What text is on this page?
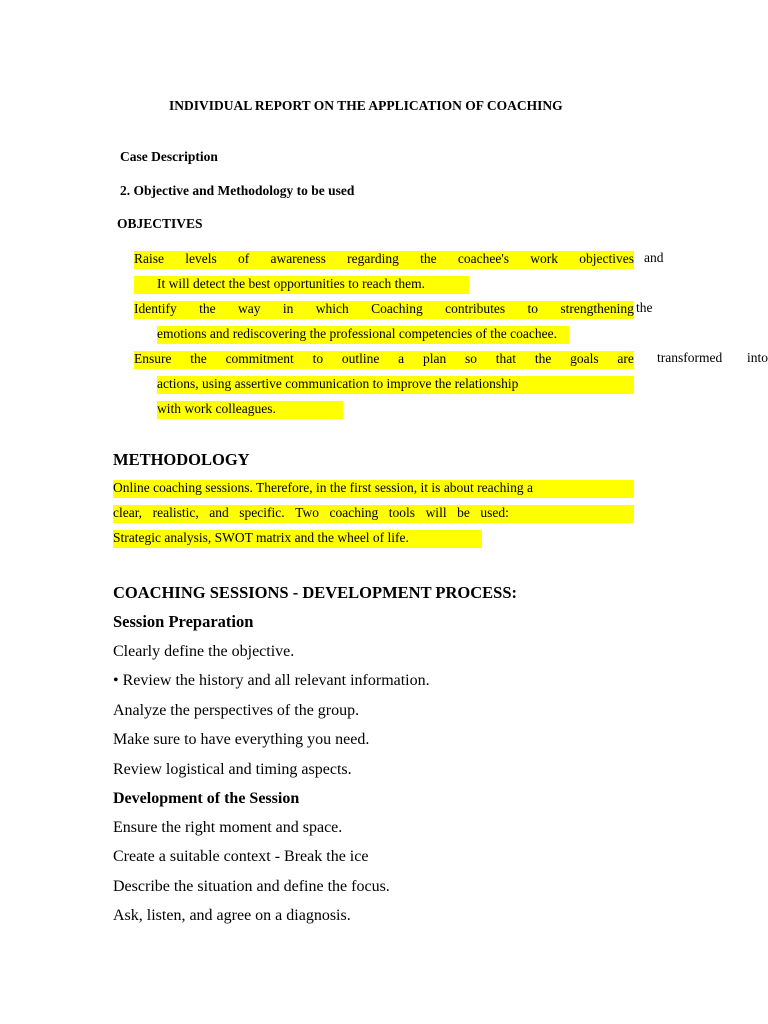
INDIVIDUAL REPORT ON THE APPLICATION OF COACHING
Case Description
2. Objective and Methodology to be used
OBJECTIVES
Raise levels of awareness regarding the coachee's work objectives and
It will detect the best opportunities to reach them.
Identify the way in which Coaching contributes to strengthening the
emotions and rediscovering the professional competencies of the coachee.
Ensure the commitment to outline a plan so that the goals are transformed into
actions, using assertive communication to improve the relationship
with work colleagues.
METHODOLOGY
Online coaching sessions. Therefore, in the first session, it is about reaching a
clear, realistic, and specific. Two coaching tools will be used:
Strategic analysis, SWOT matrix and the wheel of life.
COACHING SESSIONS - DEVELOPMENT PROCESS:
Session Preparation
Clearly define the objective.
• Review the history and all relevant information.
Analyze the perspectives of the group.
Make sure to have everything you need.
Review logistical and timing aspects.
Development of the Session
Ensure the right moment and space.
Create a suitable context - Break the ice
Describe the situation and define the focus.
Ask, listen, and agree on a diagnosis.
